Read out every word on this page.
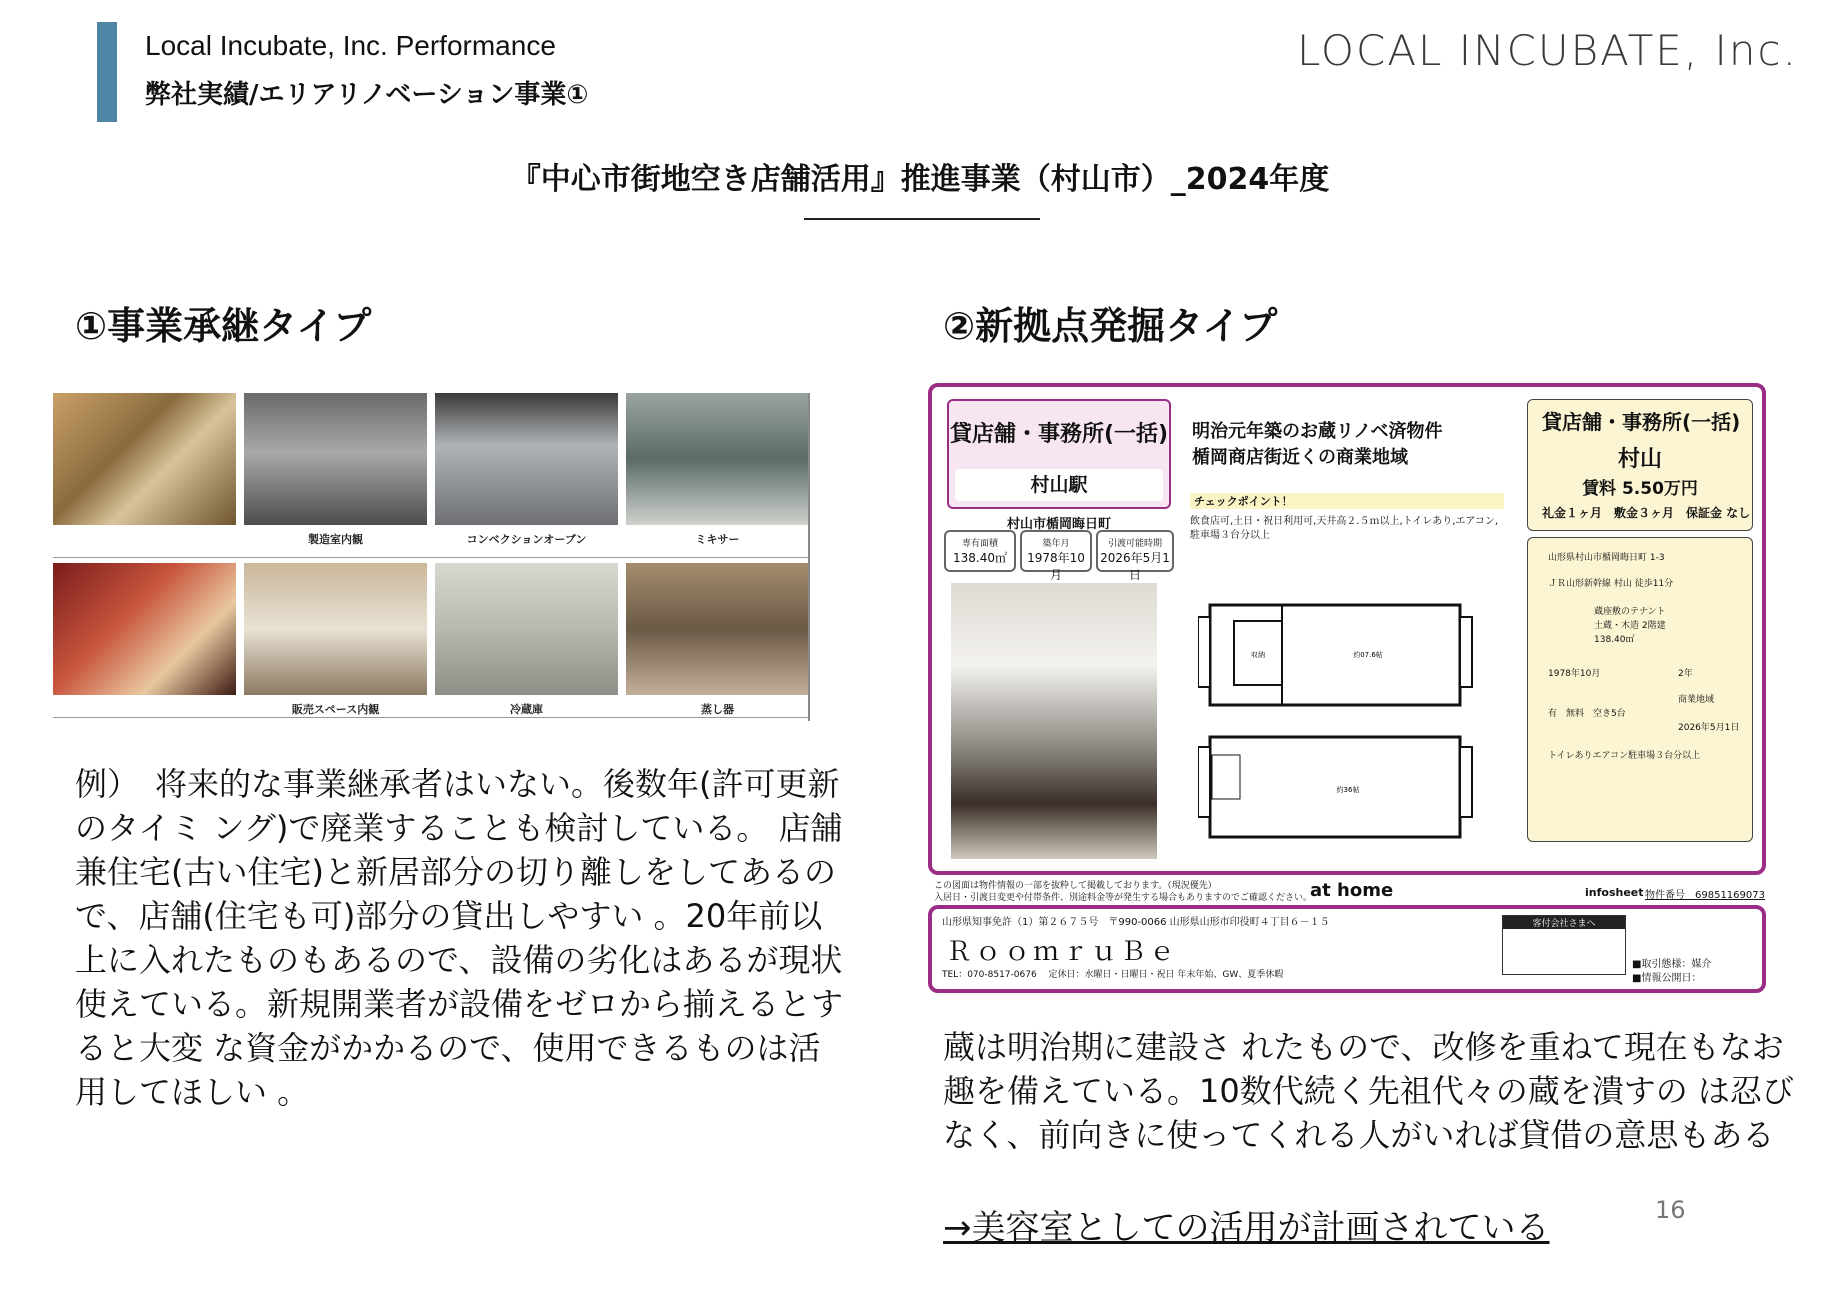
Local Incubate, Inc. Performance
弊社実績/エリアリノベーション事業①
LOCAL INCUBATE, Inc.
『中心市街地空き店舗活用』推進事業（村山市）_2024年度
①事業承継タイプ	②新拠点発掘タイプ
製造室内観	コンベクションオーブン	ミキサー
販売スペース内観	冷蔵庫	蒸し器
例）　将来的な事業継承者はいない。後数年(許可更新のタイミ ング)で廃業することも検討している。 店舗兼住宅(古い住宅)と新居部分の切り離しをしてあるので、店舗(住宅も可)部分の貸出しやすい 。20年前以上に入れたものもあるので、設備の劣化はあるが現状使えている。新規開業者が設備をゼロから揃えるとすると大変 な資金がかかるので、使用できるものは活用してほしい 。
貸店舗・事務所(一括)
村山駅
村山市楯岡晦日町
専有面積
138.40㎡
築年月
1978年10月
引渡可能時期
2026年5月1日
明治元年築のお蔵リノベ済物件
楯岡商店街近くの商業地域
チェックポイント！
飲食店可,土日・祝日利用可,天井高２.５ｍ以上,トイレあり,エアコン,駐車場３台分以上
収納	約07.6帖
約36帖
貸店舗・事務所(一括)
村山
賃料 5.50万円
礼金１ヶ月　敷金３ヶ月　保証金 なし
山形県村山市楯岡晦日町 1-3
ＪＲ山形新幹線 村山 徒歩11分
蔵座敷のテナント
土蔵・木造 2階建
138.40㎡
1978年10月	2年
商業地域
有　無料　空き5台
2026年5月1日
トイレありエアコン駐車場３台分以上
この図面は物件情報の一部を抜粋して掲載しております。（現況優先）
入居日・引渡日変更や付帯条件、別途料金等が発生する場合もありますのでご確認ください。
at home	infosheet 物件番号　69851169073
山形県知事免許（1）第２６７５号　〒990-0066 山形県山形市印役町４丁目６－１５
ＲｏｏｍｒｕＢｅ
TEL：070-8517-0676　 定休日：水曜日・日曜日・祝日 年末年始、GW、夏季休暇
客付会社さまへ
■取引態様：媒介
■情報公開日：
蔵は明治期に建設さ れたもので、改修を重ねて現在もなお趣を備えている。10数代続く先祖代々の蔵を潰すの は忍びなく、前向きに使ってくれる人がいれば貸借の意思もある
→美容室としての活用が計画されている	16
